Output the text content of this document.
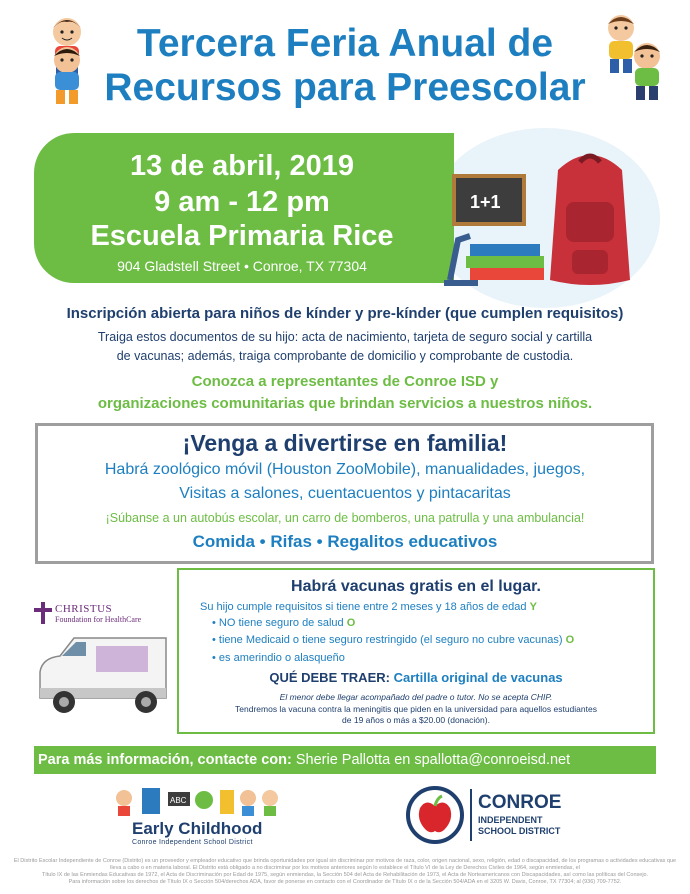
Tercera Feria Anual de
Recursos para Preescolar
13 de abril, 2019
9 am - 12 pm
Escuela Primaria Rice
904 Gladstell Street • Conroe, TX 77304
1+1
Inscripción abierta para niños de kínder y pre-kínder (que cumplen requisitos)
Traiga estos documentos de su hijo: acta de nacimiento, tarjeta de seguro social y cartilla
de vacunas; además, traiga comprobante de domicilio y comprobante de custodia.
Conozca a representantes de Conroe ISD y
organizaciones comunitarias que brindan servicios a nuestros niños.
¡Venga a divertirse en familia!
Habrá zoológico móvil (Houston ZooMobile), manualidades, juegos,
Visitas a salones, cuentacuentos y pintacaritas
¡Súbanse a un autobús escolar, un carro de bomberos, una patrulla y una ambulancia!
Comida • Rifas • Regalitos educativos
CHRISTUS
Foundation for HealthCare
Habrá vacunas gratis en el lugar.
Su hijo cumple requisitos si tiene entre 2 meses y 18 años de edad Y
• NO tiene seguro de salud O
• tiene Medicaid o tiene seguro restringido (el seguro no cubre vacunas) O
• es amerindio o alasqueño
QUÉ DEBE TRAER: Cartilla original de vacunas
El menor debe llegar acompañado del padre o tutor. No se acepta CHIP.
Tendremos la vacuna contra la meningitis que piden en la universidad para aquellos estudiantes
de 19 años o más a $20.00 (donación).
Para más información, contacte con: Sherie Pallotta en spallotta@conroeisd.net
ABC
Early Childhood
Conroe Independent School District
CONROE
INDEPENDENT
SCHOOL DISTRICT
El Distrito Escolar Independiente de Conroe (Distrito) es un proveedor y empleador educativo que brinda oportunidades por igual sin discriminar por motivos de raza, color, origen nacional, sexo, religión, edad o discapacidad, de los programas o actividades educativas que
lleva a cabo o en materia laboral. El Distrito está obligado a no discriminar por los motivos anteriores según lo establece el Título VI de la Ley de Derechos Civiles de 1964, según enmiendas, el
Título IX de las Enmiendas Educativas de 1972, el Acta de Discriminación por Edad de 1975, según enmiendas, la Sección 504 del Acta de Rehabilitación de 1973, el Acta de Norteamericanos con Discapacidades, así como las políticas del Consejo.
Para información sobre los derechos de Título IX o Sección 504/derechos ADA, favor de ponerse en contacto con el Coordinador de Título IX o de la Sección 504/ADA en el 3205 W. Davis, Conroe, TX 77304; al (936) 709-7752.
